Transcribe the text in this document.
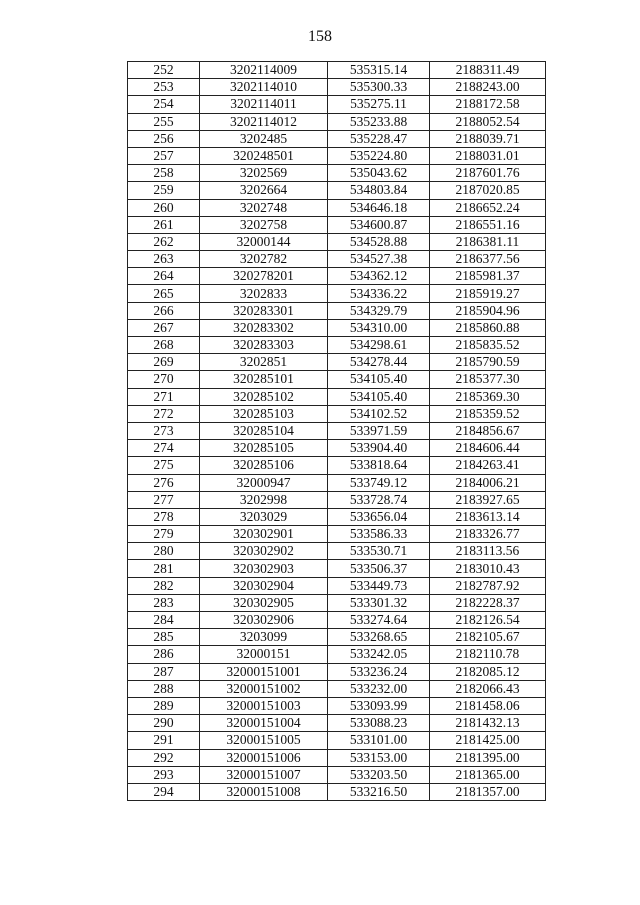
158
252	3202114009	535315.14	2188311.49
253	3202114010	535300.33	2188243.00
254	3202114011	535275.11	2188172.58
255	3202114012	535233.88	2188052.54
256	3202485	535228.47	2188039.71
257	320248501	535224.80	2188031.01
258	3202569	535043.62	2187601.76
259	3202664	534803.84	2187020.85
260	3202748	534646.18	2186652.24
261	3202758	534600.87	2186551.16
262	32000144	534528.88	2186381.11
263	3202782	534527.38	2186377.56
264	320278201	534362.12	2185981.37
265	3202833	534336.22	2185919.27
266	320283301	534329.79	2185904.96
267	320283302	534310.00	2185860.88
268	320283303	534298.61	2185835.52
269	3202851	534278.44	2185790.59
270	320285101	534105.40	2185377.30
271	320285102	534105.40	2185369.30
272	320285103	534102.52	2185359.52
273	320285104	533971.59	2184856.67
274	320285105	533904.40	2184606.44
275	320285106	533818.64	2184263.41
276	32000947	533749.12	2184006.21
277	3202998	533728.74	2183927.65
278	3203029	533656.04	2183613.14
279	320302901	533586.33	2183326.77
280	320302902	533530.71	2183113.56
281	320302903	533506.37	2183010.43
282	320302904	533449.73	2182787.92
283	320302905	533301.32	2182228.37
284	320302906	533274.64	2182126.54
285	3203099	533268.65	2182105.67
286	32000151	533242.05	2182110.78
287	32000151001	533236.24	2182085.12
288	32000151002	533232.00	2182066.43
289	32000151003	533093.99	2181458.06
290	32000151004	533088.23	2181432.13
291	32000151005	533101.00	2181425.00
292	32000151006	533153.00	2181395.00
293	32000151007	533203.50	2181365.00
294	32000151008	533216.50	2181357.00
